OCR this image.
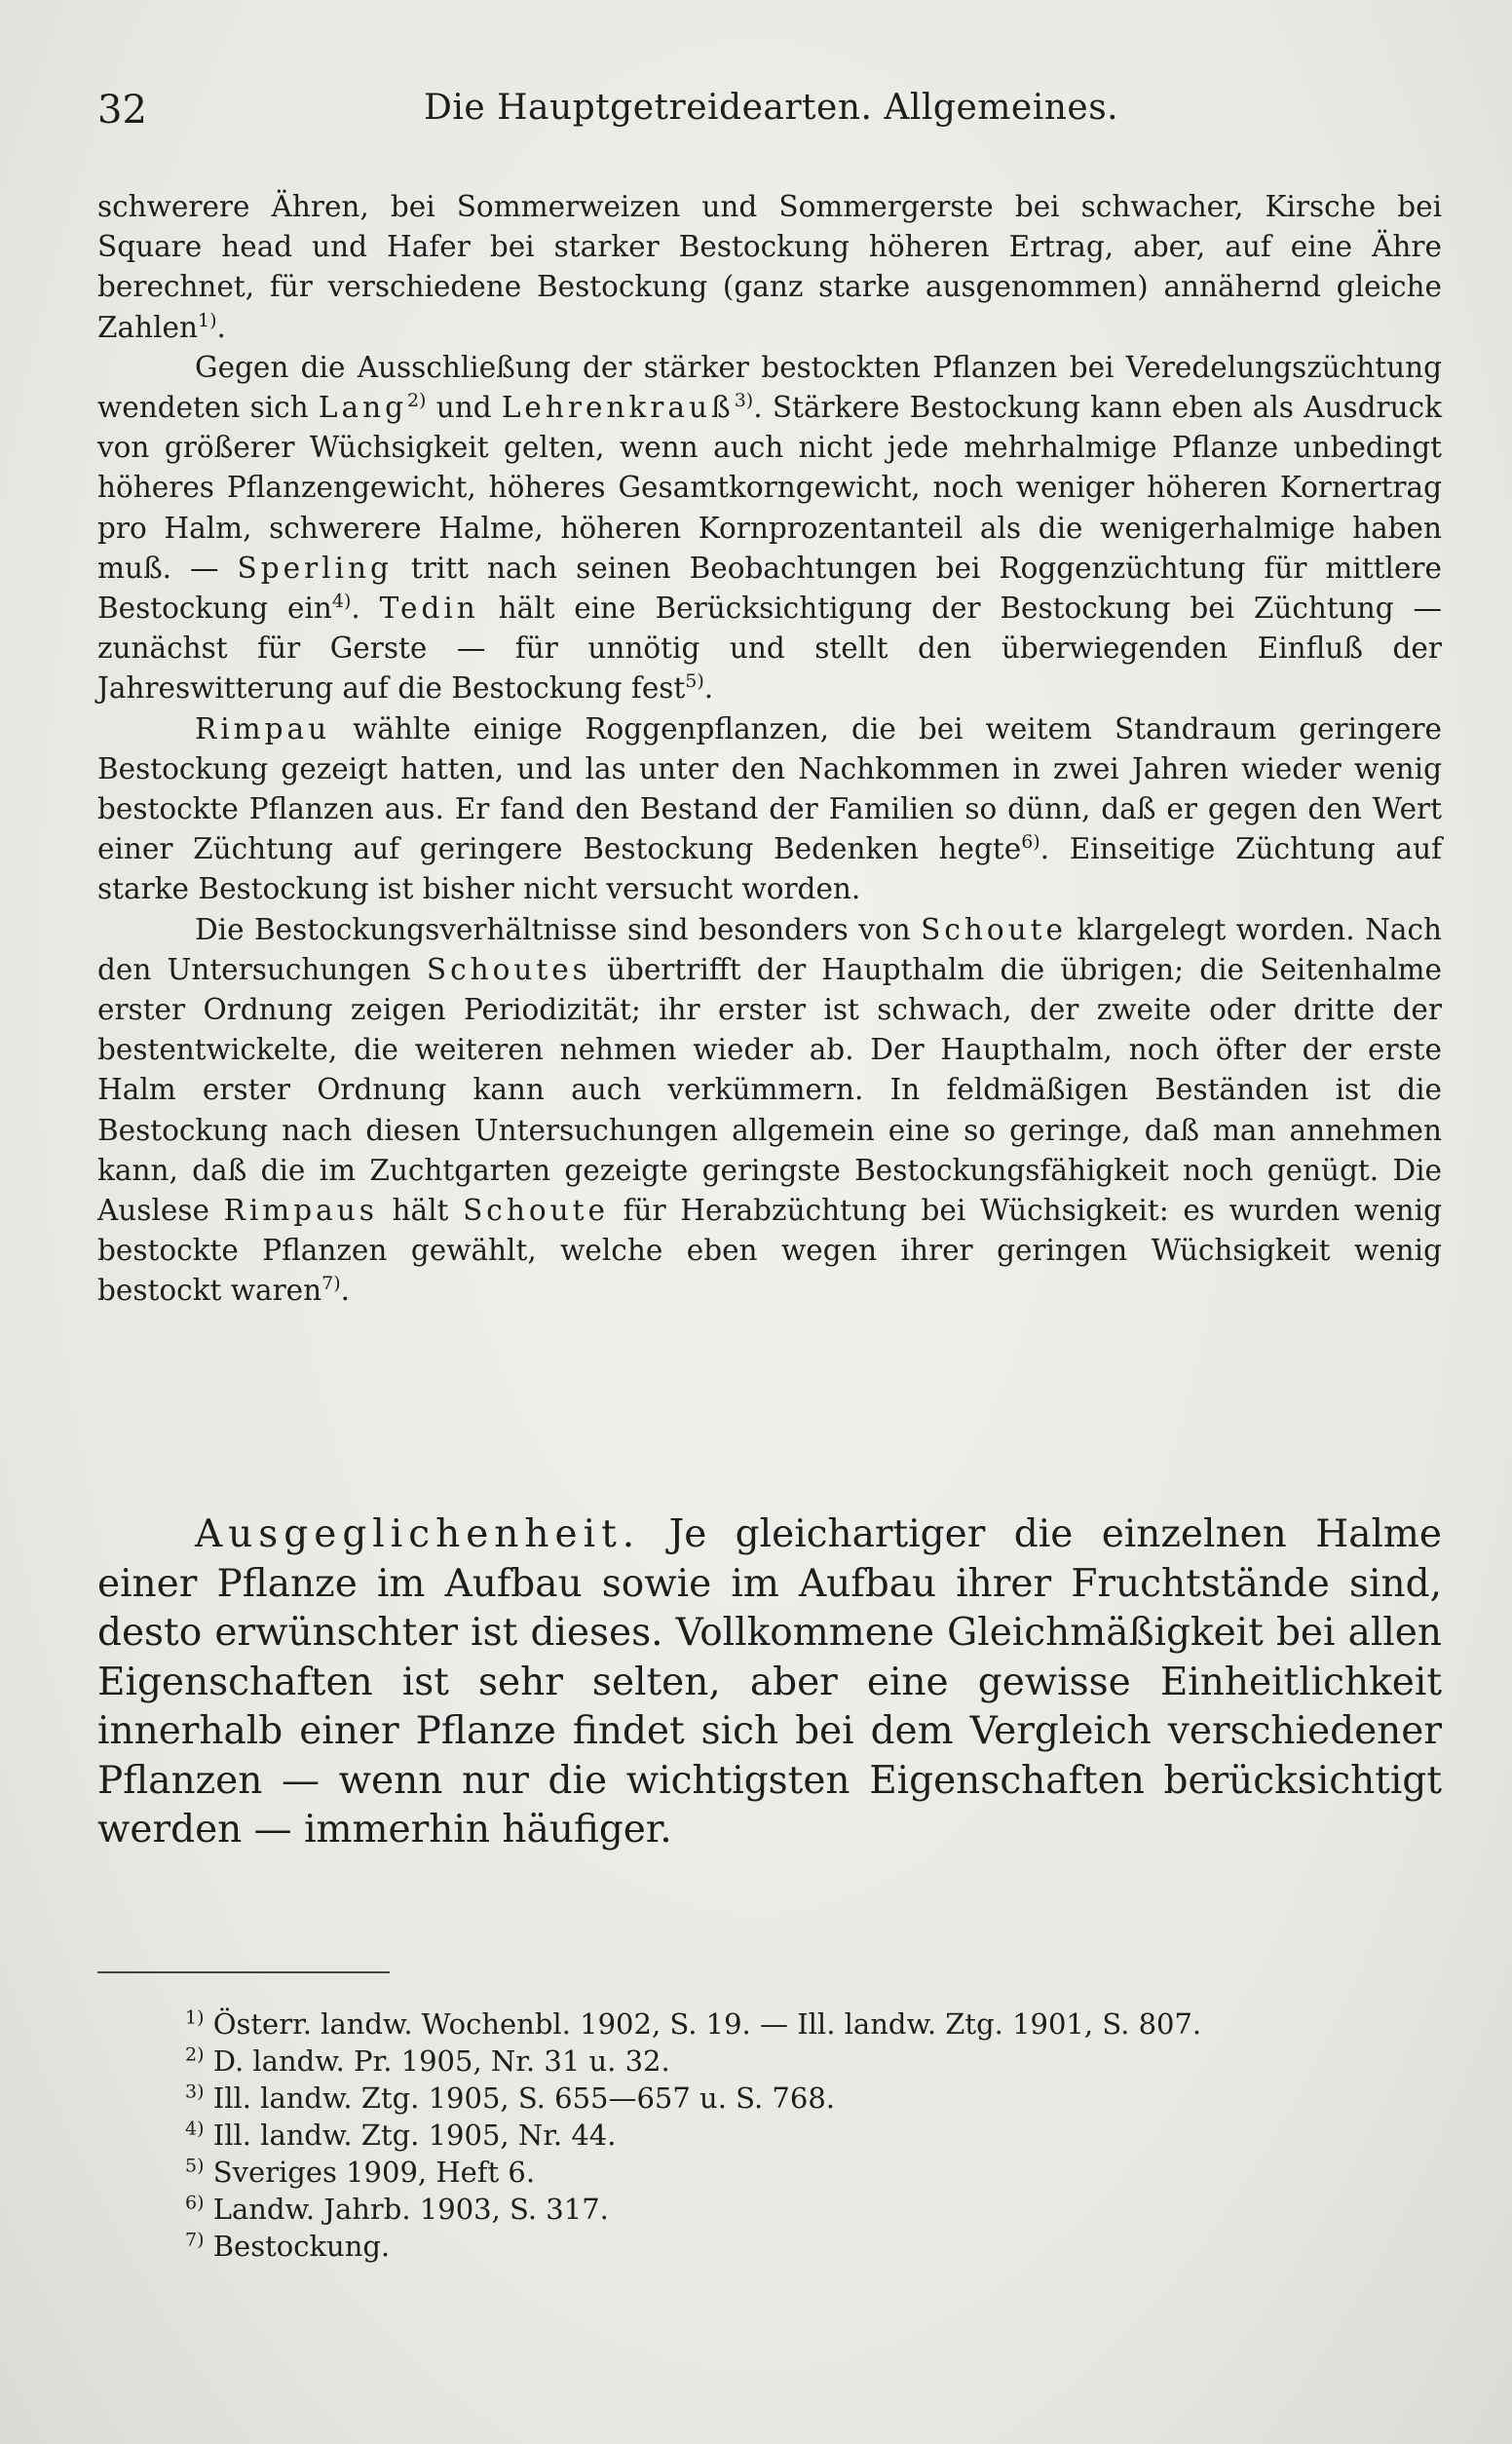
32	Die Hauptgetreidearten. Allgemeines.

schwerere Ähren, bei Sommerweizen und Sommergerste bei schwacher, Kirsche bei Square head und Hafer bei starker Bestockung höheren Ertrag, aber, auf eine Ähre berechnet, für verschiedene Bestockung (ganz starke ausgenommen) annähernd gleiche Zahlen$^{1)}$.

Gegen die Ausschließung der stärker bestockten Pflanzen bei Veredelungszüchtung wendeten sich Lang$^{2)}$ und Lehrenkrauß$^{3)}$. Stärkere Bestockung kann eben als Ausdruck von größerer Wüchsigkeit gelten, wenn auch nicht jede mehrhalmige Pflanze unbedingt höheres Pflanzengewicht, höheres Gesamtkorngewicht, noch weniger höheren Kornertrag pro Halm, schwerere Halme, höheren Kornprozentanteil als die wenigerhalmige haben muß. — Sperling tritt nach seinen Beobachtungen bei Roggenzüchtung für mittlere Bestockung ein$^{4)}$. Tedin hält eine Berücksichtigung der Bestockung bei Züchtung — zunächst für Gerste — für unnötig und stellt den überwiegenden Einfluß der Jahreswitterung auf die Bestockung fest$^{5)}$.

Rimpau wählte einige Roggenpflanzen, die bei weitem Standraum geringere Bestockung gezeigt hatten, und las unter den Nachkommen in zwei Jahren wieder wenig bestockte Pflanzen aus. Er fand den Bestand der Familien so dünn, daß er gegen den Wert einer Züchtung auf geringere Bestockung Bedenken hegte$^{6)}$. Einseitige Züchtung auf starke Bestockung ist bisher nicht versucht worden.

Die Bestockungsverhältnisse sind besonders von Schoute klargelegt worden. Nach den Untersuchungen Schoutes übertrifft der Haupthalm die übrigen; die Seitenhalme erster Ordnung zeigen Periodizität; ihr erster ist schwach, der zweite oder dritte der bestentwickelte, die weiteren nehmen wieder ab. Der Haupthalm, noch öfter der erste Halm erster Ordnung kann auch verkümmern. In feldmäßigen Beständen ist die Bestockung nach diesen Untersuchungen allgemein eine so geringe, daß man annehmen kann, daß die im Zuchtgarten gezeigte geringste Bestockungsfähigkeit noch genügt. Die Auslese Rimpaus hält Schoute für Herabzüchtung bei Wüchsigkeit: es wurden wenig bestockte Pflanzen gewählt, welche eben wegen ihrer geringen Wüchsigkeit wenig bestockt waren$^{7)}$.

Ausgeglichenheit. Je gleichartiger die einzelnen Halme einer Pflanze im Aufbau sowie im Aufbau ihrer Fruchtstände sind, desto erwünschter ist dieses. Vollkommene Gleichmäßigkeit bei allen Eigenschaften ist sehr selten, aber eine gewisse Einheitlichkeit innerhalb einer Pflanze findet sich bei dem Vergleich verschiedener Pflanzen — wenn nur die wichtigsten Eigenschaften berücksichtigt werden — immerhin häufiger.
$^{1)}$ Österr. landw. Wochenbl. 1902, S. 19. — Ill. landw. Ztg. 1901, S. 807.
$^{2)}$ D. landw. Pr. 1905, Nr. 31 u. 32.
$^{3)}$ Ill. landw. Ztg. 1905, S. 655—657 u. S. 768.
$^{4)}$ Ill. landw. Ztg. 1905, Nr. 44.
$^{5)}$ Sveriges 1909, Heft 6.
$^{6)}$ Landw. Jahrb. 1903, S. 317.
$^{7)}$ Bestockung.
